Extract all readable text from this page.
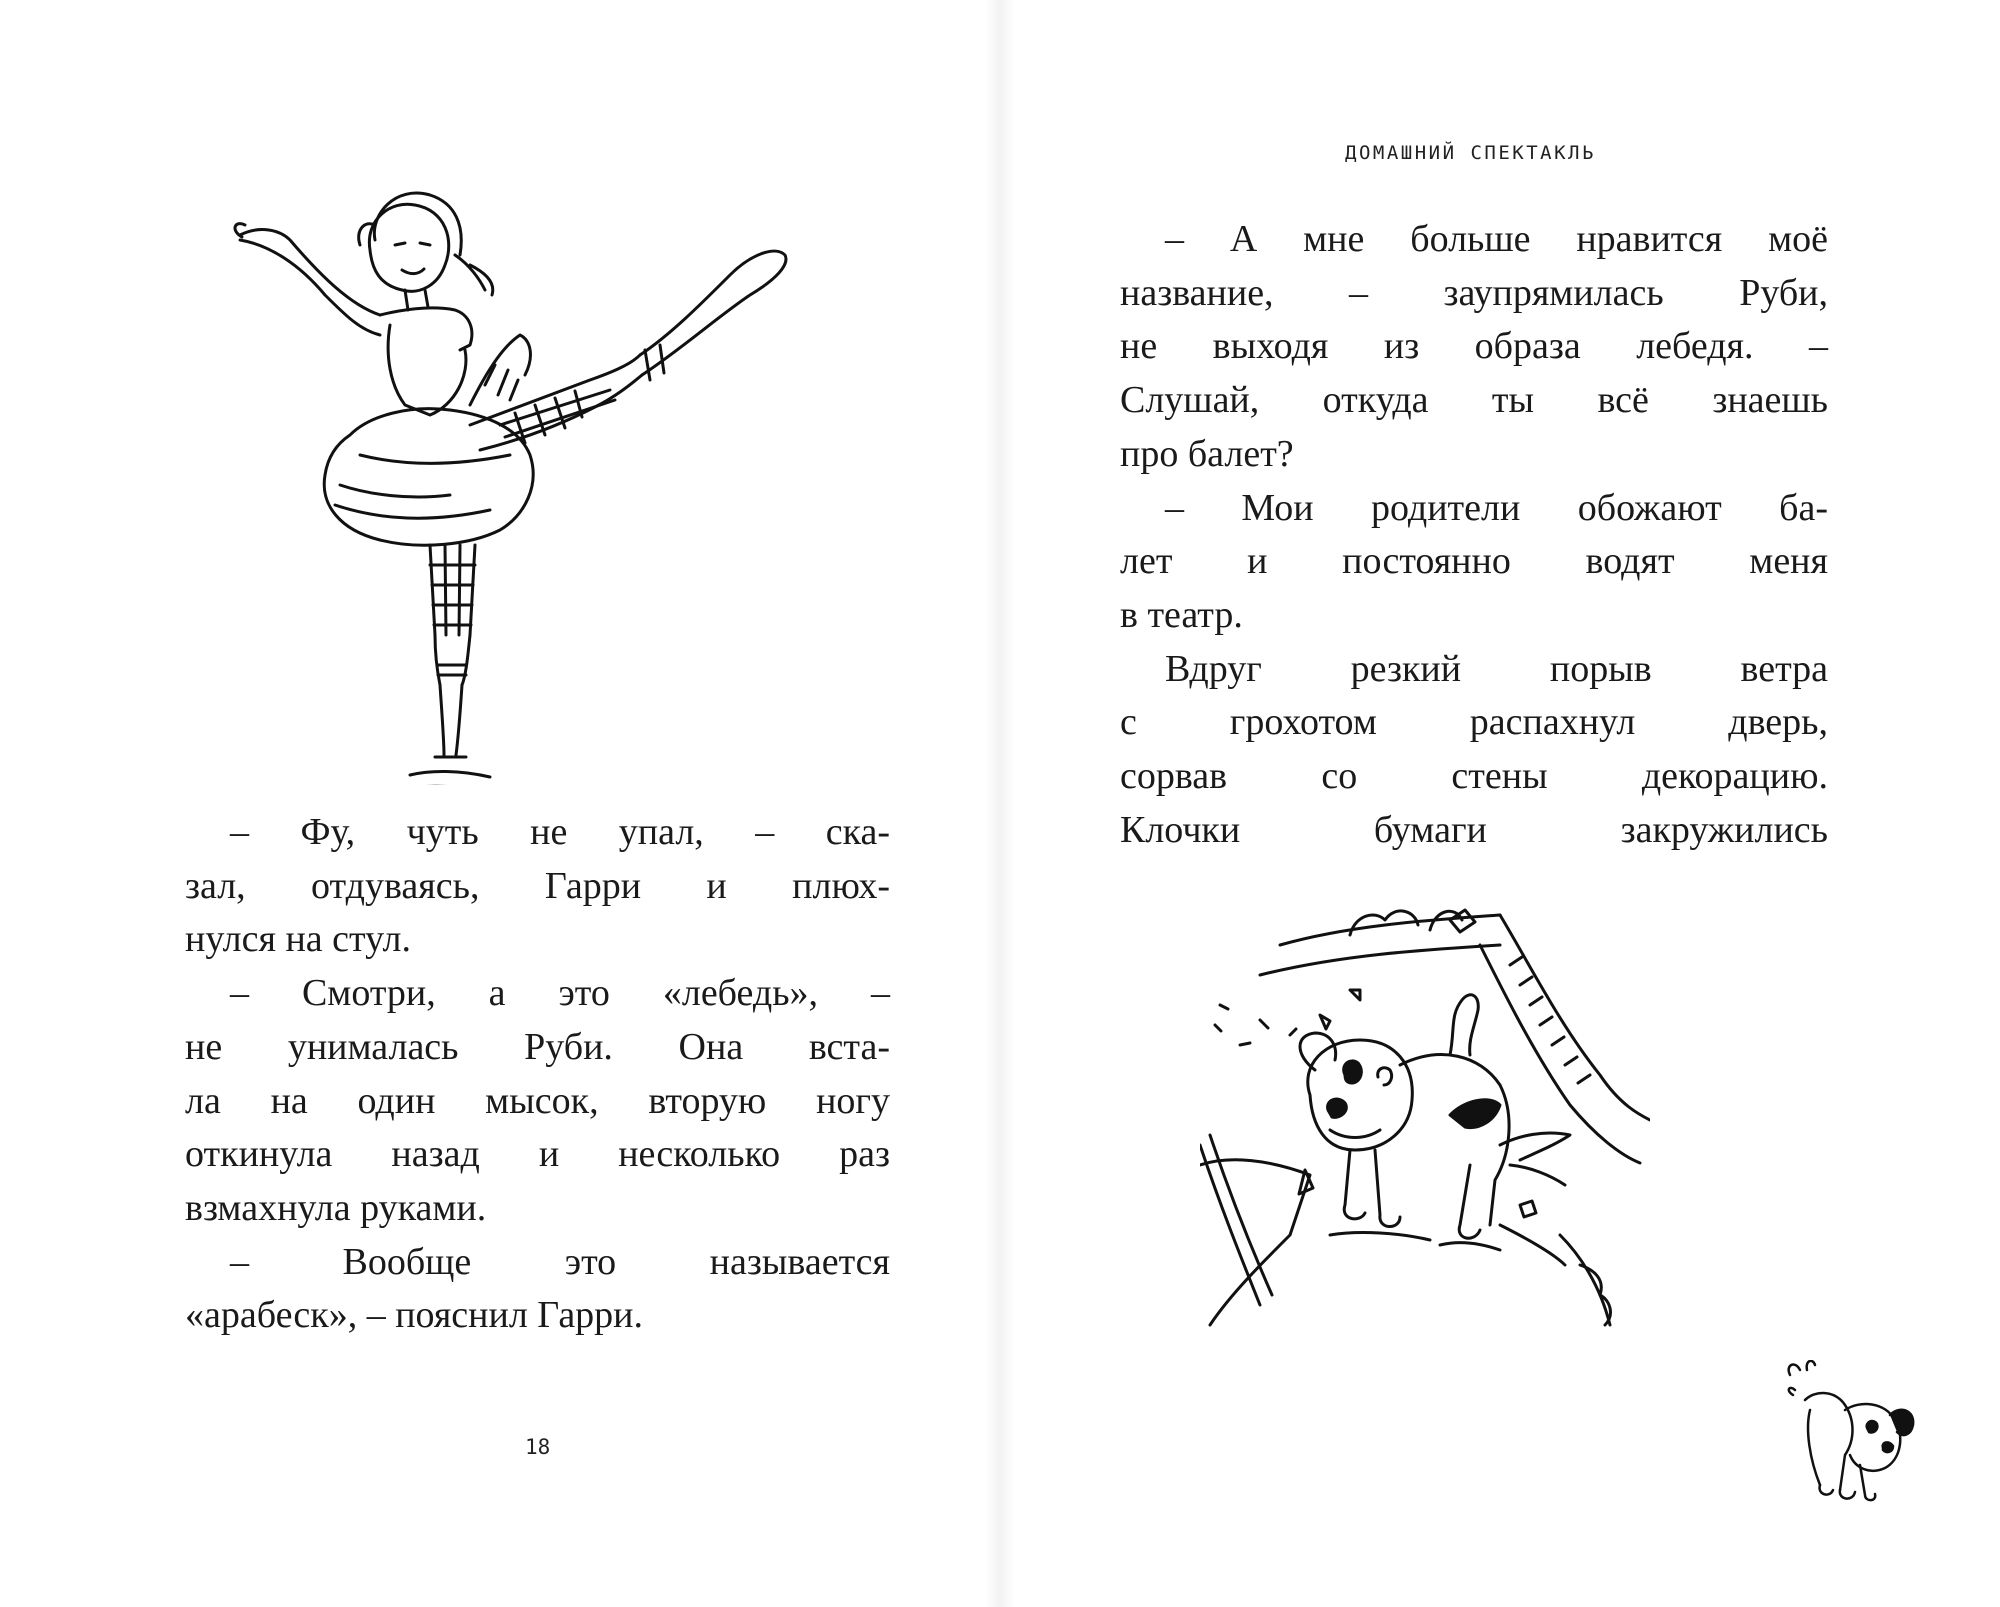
– Фу, чуть не упал, – ска-

зал, отдуваясь, Гарри и плюх-

нулся на стул.

– Смотри, а это «лебедь», –

не унималась Руби. Она вста-

ла на один мысок, вторую ногу

откинула назад и несколько раз

взмахнула руками.

– Вообще это называется

«арабеск», – пояснил Гарри.

18
ДОМАШНИЙ СПЕКТАКЛЬ

– А мне больше нравится моё

название, – заупрямилась Руби,

не выходя из образа лебедя. –

Слушай, откуда ты всё знаешь

про балет?

– Мои родители обожают ба-

лет и постоянно водят меня

в театр.

Вдруг резкий порыв ветра

с грохотом распахнул дверь,

сорвав со стены декорацию.

Клочки бумаги закружились
